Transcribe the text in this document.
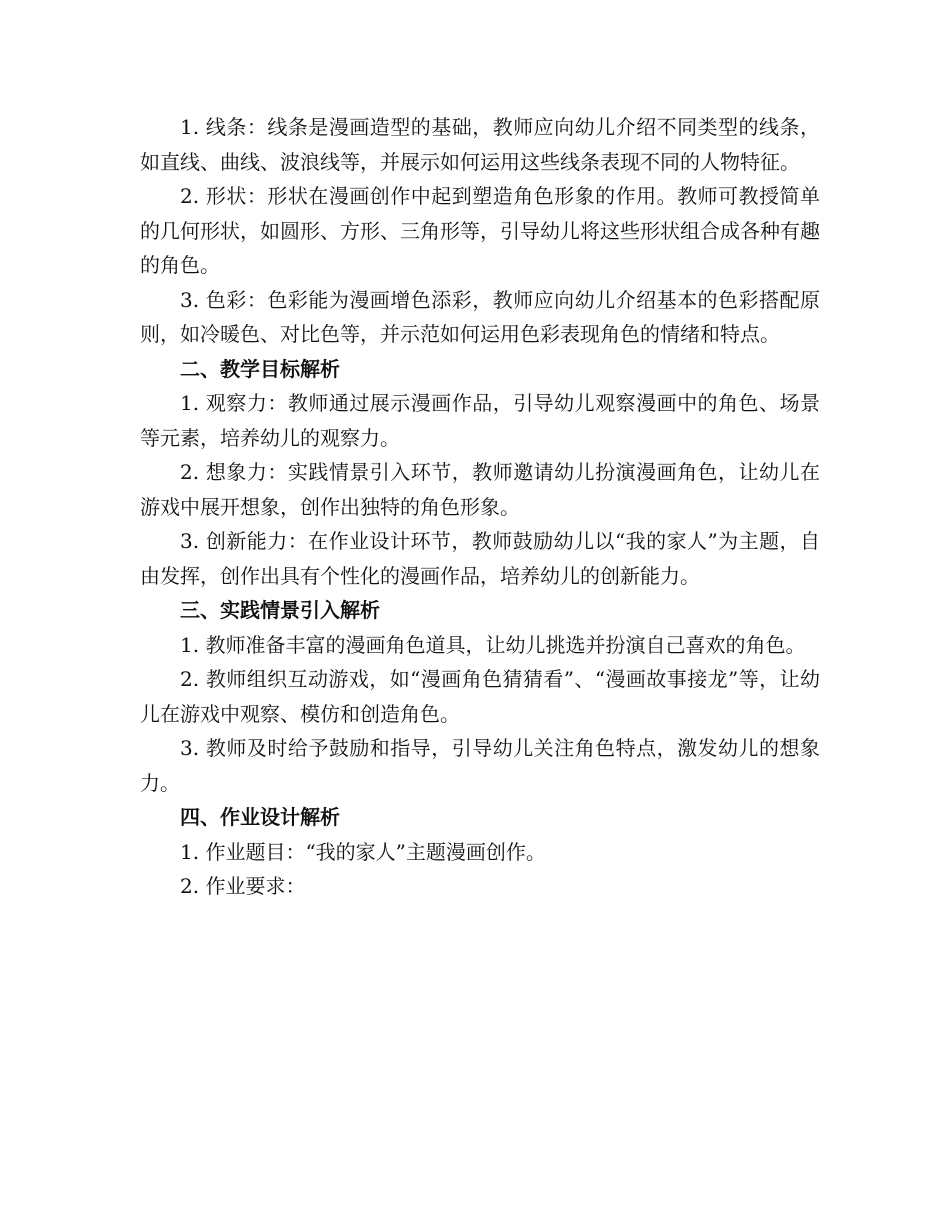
1. 线条：线条是漫画造型的基础，教师应向幼儿介绍不同类型的线条，如直线、曲线、波浪线等，并展示如何运用这些线条表现不同的人物特征。

2. 形状：形状在漫画创作中起到塑造角色形象的作用。教师可教授简单的几何形状，如圆形、方形、三角形等，引导幼儿将这些形状组合成各种有趣的角色。

3. 色彩：色彩能为漫画增色添彩，教师应向幼儿介绍基本的色彩搭配原则，如冷暖色、对比色等，并示范如何运用色彩表现角色的情绪和特点。

二、教学目标解析

1. 观察力：教师通过展示漫画作品，引导幼儿观察漫画中的角色、场景等元素，培养幼儿的观察力。

2. 想象力：实践情景引入环节，教师邀请幼儿扮演漫画角色，让幼儿在游戏中展开想象，创作出独特的角色形象。

3. 创新能力：在作业设计环节，教师鼓励幼儿以“我的家人”为主题，自由发挥，创作出具有个性化的漫画作品，培养幼儿的创新能力。

三、实践情景引入解析

1. 教师准备丰富的漫画角色道具，让幼儿挑选并扮演自己喜欢的角色。

2. 教师组织互动游戏，如“漫画角色猜猜看”、“漫画故事接龙”等，让幼儿在游戏中观察、模仿和创造角色。

3. 教师及时给予鼓励和指导，引导幼儿关注角色特点，激发幼儿的想象力。

四、作业设计解析

1. 作业题目：“我的家人”主题漫画创作。

2. 作业要求：
